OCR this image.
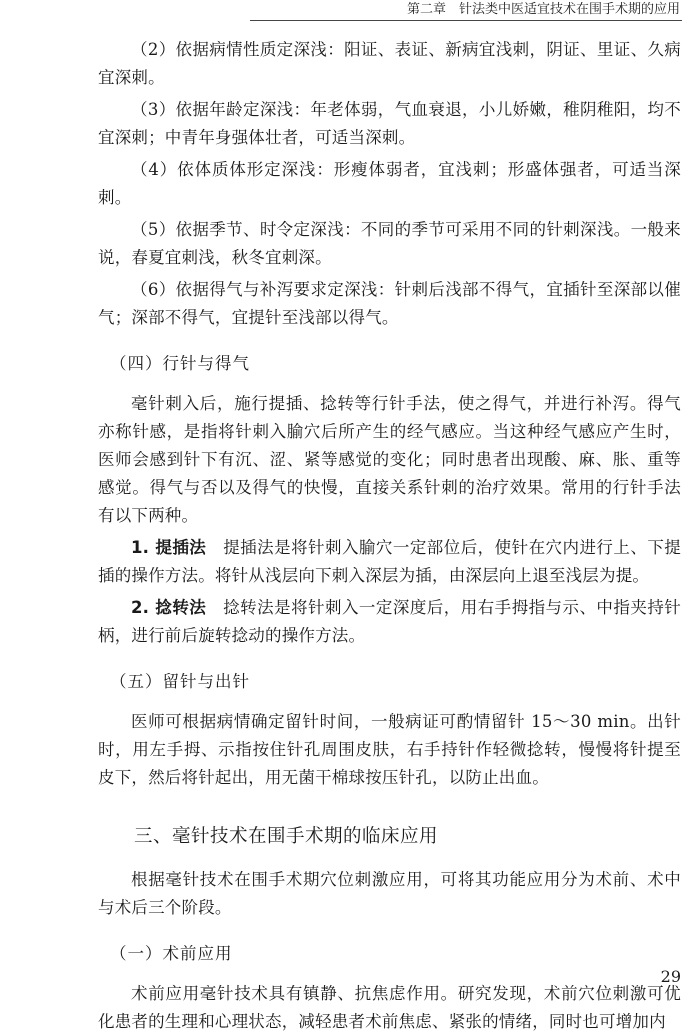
第二章　针法类中医适宜技术在围手术期的应用

（2）依据病情性质定深浅：阳证、表证、新病宜浅刺，阴证、里证、久病宜深刺。

（3）依据年龄定深浅：年老体弱，气血衰退，小儿娇嫩，稚阴稚阳，均不宜深刺；中青年身强体壮者，可适当深刺。

（4）依体质体形定深浅：形瘦体弱者，宜浅刺；形盛体强者，可适当深刺。

（5）依据季节、时令定深浅：不同的季节可采用不同的针刺深浅。一般来说，春夏宜刺浅，秋冬宜刺深。

（6）依据得气与补泻要求定深浅：针刺后浅部不得气，宜插针至深部以催气；深部不得气，宜提针至浅部以得气。

（四）行针与得气

毫针刺入后，施行提插、捻转等行针手法，使之得气，并进行补泻。得气亦称针感，是指将针刺入腧穴后所产生的经气感应。当这种经气感应产生时，医师会感到针下有沉、涩、紧等感觉的变化；同时患者出现酸、麻、胀、重等感觉。得气与否以及得气的快慢，直接关系针刺的治疗效果。常用的行针手法有以下两种。

1. 提插法　 提插法是将针刺入腧穴一定部位后，使针在穴内进行上、下提插的操作方法。将针从浅层向下刺入深层为插，由深层向上退至浅层为提。

2. 捻转法　 捻转法是将针刺入一定深度后，用右手拇指与示、中指夹持针柄，进行前后旋转捻动的操作方法。

（五）留针与出针

医师可根据病情确定留针时间，一般病证可酌情留针 15～30 min。出针时，用左手拇、示指按住针孔周围皮肤，右手持针作轻微捻转，慢慢将针提至皮下，然后将针起出，用无菌干棉球按压针孔，以防止出血。

三、毫针技术在围手术期的临床应用

根据毫针技术在围手术期穴位刺激应用，可将其功能应用分为术前、术中与术后三个阶段。

（一）术前应用

术前应用毫针技术具有镇静、抗焦虑作用。研究发现，术前穴位刺激可优化患者的生理和心理状态，减轻患者术前焦虑、紧张的情绪，同时也可增加内

29
